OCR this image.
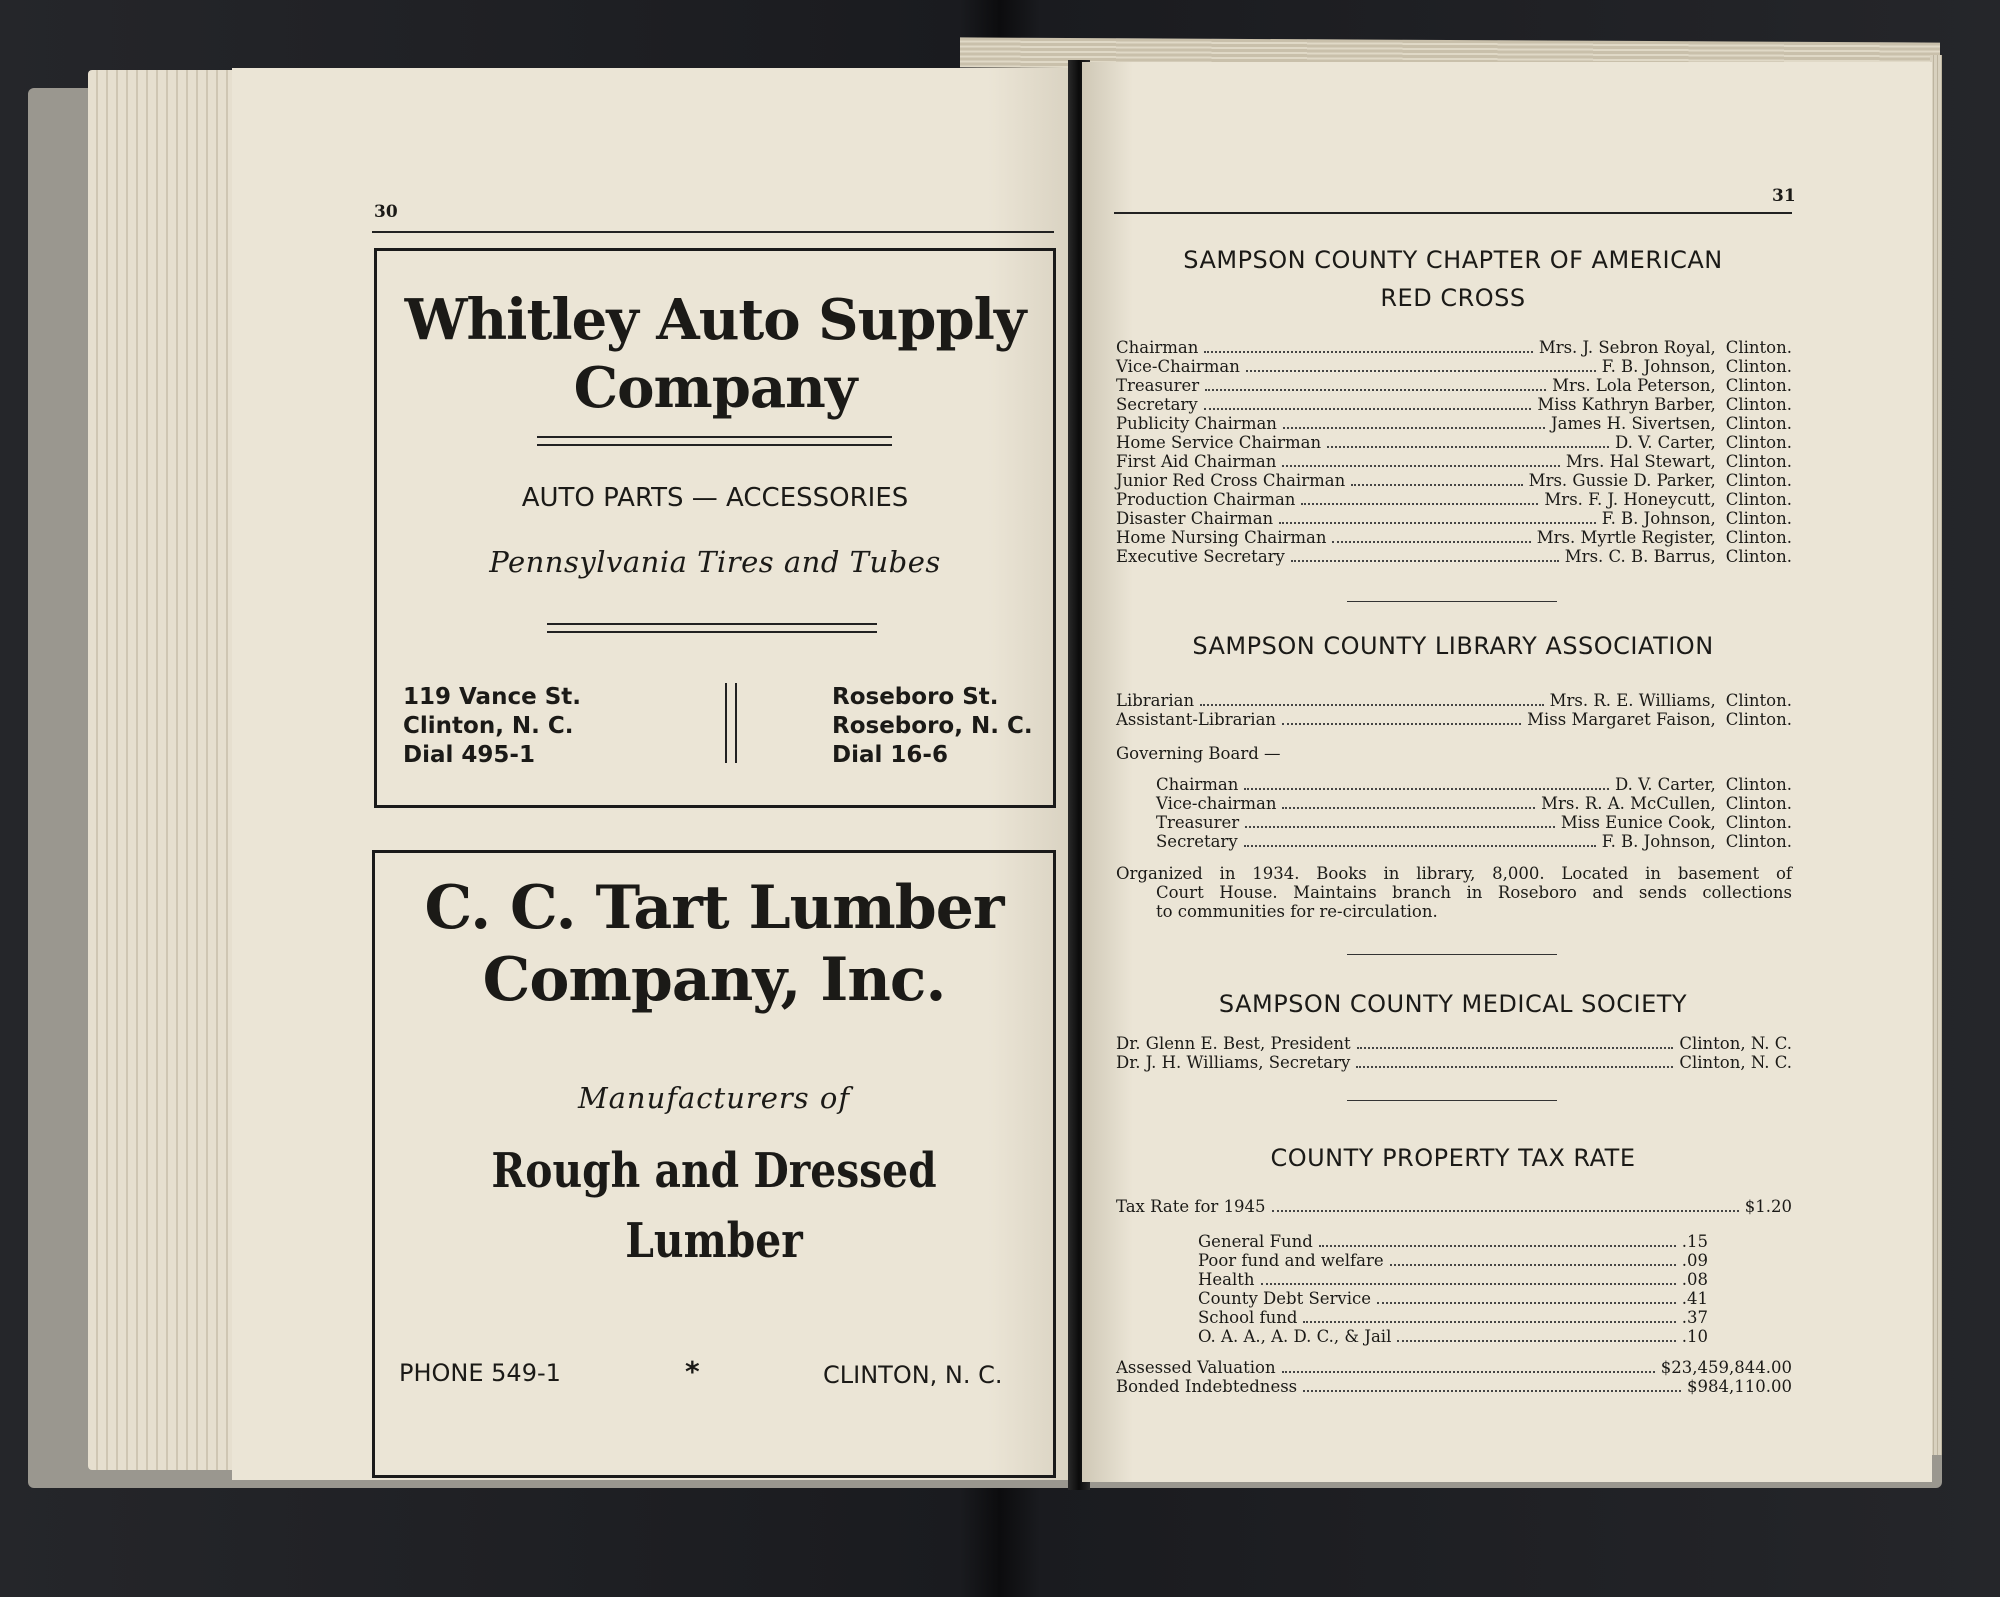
30
Whitley Auto Supply
Company
AUTO PARTS — ACCESSORIES
Pennsylvania Tires and Tubes
119 Vance St.
Clinton, N. C.
Dial 495-1
Roseboro St.
Roseboro, N. C.
Dial 16-6
C. C. Tart Lumber
Company, Inc.
Manufacturers of
Rough and Dressed
Lumber
PHONE 549-1	*	CLINTON, N. C.
31
SAMPSON COUNTY CHAPTER OF AMERICAN
RED CROSS
Chairman	Mrs. J. Sebron Royal, Clinton.
Vice-Chairman	F. B. Johnson, Clinton.
Treasurer	Mrs. Lola Peterson, Clinton.
Secretary	Miss Kathryn Barber, Clinton.
Publicity Chairman	James H. Sivertsen, Clinton.
Home Service Chairman	D. V. Carter, Clinton.
First Aid Chairman	Mrs. Hal Stewart, Clinton.
Junior Red Cross Chairman	Mrs. Gussie D. Parker, Clinton.
Production Chairman	Mrs. F. J. Honeycutt, Clinton.
Disaster Chairman	F. B. Johnson, Clinton.
Home Nursing Chairman	Mrs. Myrtle Register, Clinton.
Executive Secretary	Mrs. C. B. Barrus, Clinton.
SAMPSON COUNTY LIBRARY ASSOCIATION
Librarian	Mrs. R. E. Williams, Clinton.
Assistant-Librarian	Miss Margaret Faison, Clinton.
Governing Board —
Chairman	D. V. Carter, Clinton.
Vice-chairman	Mrs. R. A. McCullen, Clinton.
Treasurer	Miss Eunice Cook, Clinton.
Secretary	F. B. Johnson, Clinton.
Organized in 1934. Books in library, 8,000. Located in basement of
Court House. Maintains branch in Roseboro and sends collections
to communities for re-circulation.
SAMPSON COUNTY MEDICAL SOCIETY
Dr. Glenn E. Best, President	Clinton, N. C.
Dr. J. H. Williams, Secretary	Clinton, N. C.
COUNTY PROPERTY TAX RATE
Tax Rate for 1945	$1.20
General Fund	.15
Poor fund and welfare	.09
Health	.08
County Debt Service	.41
School fund	.37
O. A. A., A. D. C., & Jail	.10
Assessed Valuation	$23,459,844.00
Bonded Indebtedness	$984,110.00
